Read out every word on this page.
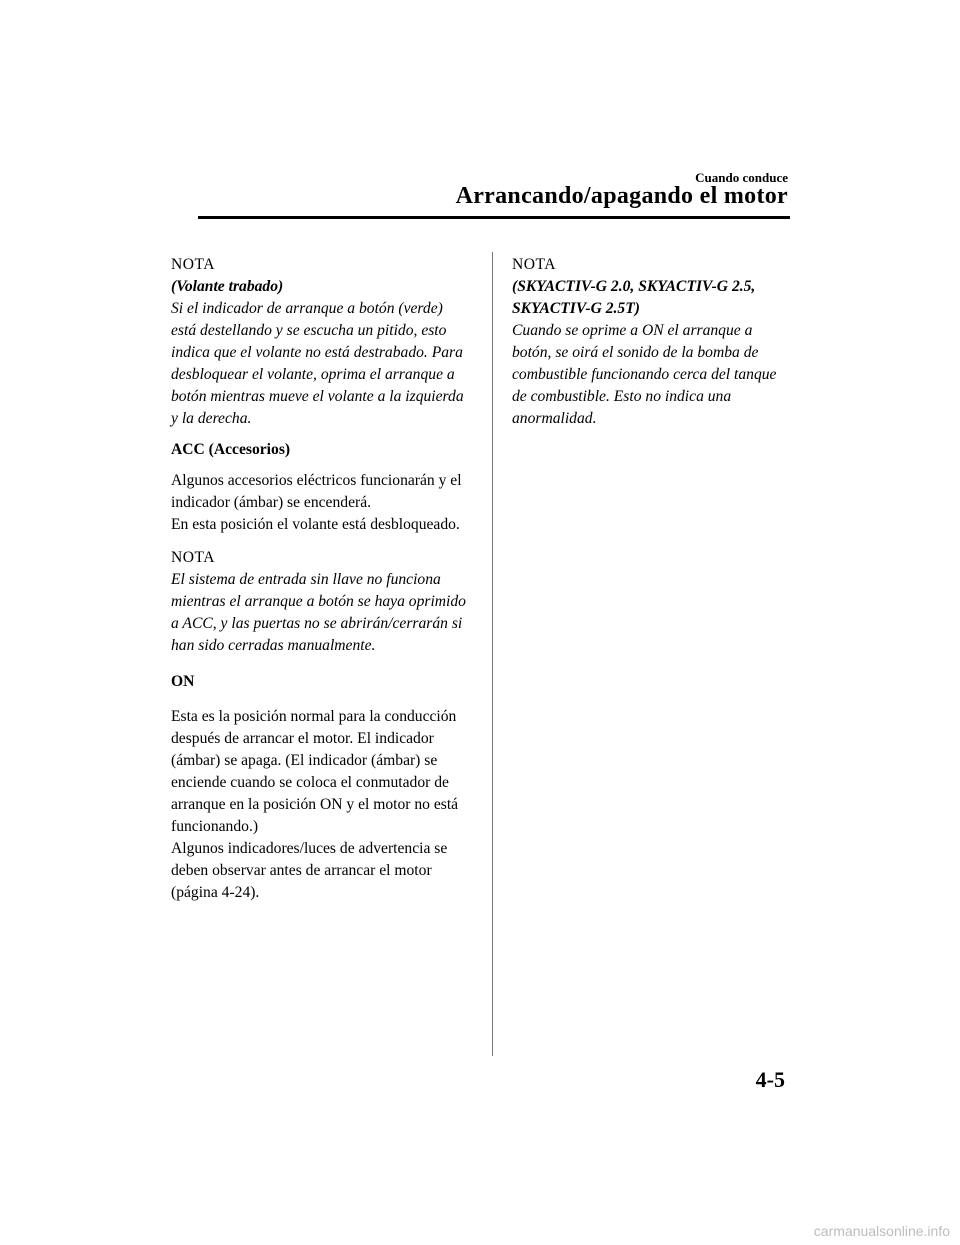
Cuando conduce
Arrancando/apagando el motor

NOTA

(Volante trabado)

Si el indicador de arranque a botón (verde) está destellando y se escucha un pitido, esto indica que el volante no está destrabado. Para desbloquear el volante, oprima el arranque a botón mientras mueve el volante a la izquierda y la derecha.

ACC (Accesorios)

Algunos accesorios eléctricos funcionarán y el indicador (ámbar) se encenderá.

En esta posición el volante está desbloqueado.

NOTA

El sistema de entrada sin llave no funciona mientras el arranque a botón se haya oprimido a ACC, y las puertas no se abrirán/cerrarán si han sido cerradas manualmente.

ON

Esta es la posición normal para la conducción después de arrancar el motor. El indicador (ámbar) se apaga. (El indicador (ámbar) se enciende cuando se coloca el conmutador de arranque en la posición ON y el motor no está funcionando.)

Algunos indicadores/luces de advertencia se deben observar antes de arrancar el motor (página 4-24).

NOTA

(SKYACTIV-G 2.0, SKYACTIV-G 2.5, SKYACTIV-G 2.5T)

Cuando se oprime a ON el arranque a botón, se oirá el sonido de la bomba de combustible funcionando cerca del tanque de combustible. Esto no indica una anormalidad.

4-5
carmanualsonline.info
